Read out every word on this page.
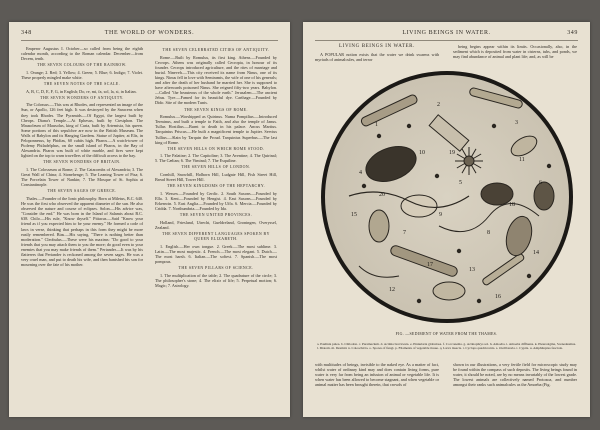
348	THE WORLD OF WONDERS.

Emperor Augustus I. October—so called from being the eighth calendar month, according to the Roman calendar. December—from Decem, tenth.

THE SEVEN COLOURS OF THE RAINBOW.

1. Orange; 2. Red; 3. Yellow; 4. Green; 5. Blue; 6. Indigo; 7. Violet. These properly mingled make white.

THE SEVEN NOTES OF THE SCALE.

A, B, C, D, E, F, G, in English; Do, re, mi, fa, sol, la, si, in Italian.

THE SEVEN WONDERS OF ANTIQUITY.

The Colossus.—This was at Rhodes, and represented an image of the Sun, or Apollo, 126 feet high. It was destroyed by the Saracens when they took Rhodes. The Pyramids.—Of Egypt, the largest built by Cheops. Diana's Temple.—At Ephesus, built by Ctesiphon. The Mausoleum of Mausolus, king of Caria, built by Artemisia, his queen. Some portions of this sepulchre are now in the British Museum. The Walls of Babylon and its Hanging Gardens. Statue of Jupiter, at Elis, in Peloponnesus, by Phidias, 60 cubits high. Pharos.—A watch-tower of Ptolemy Philadelphus, on the small island of Pharos, in the Bay of Alexandria. Pharos was built of white marble, and fires were kept lighted on the top to warn travellers of the difficult access to the bay.

THE SEVEN WONDERS OF BRITAIN.

1. The Colosseum at Rome; 2. The Catacombs of Alexandria; 3. The Great Wall of China; 4. Stonehenge; 5. The Leaning Tower of Pisa; 6. The Porcelain Tower of Nankin; 7. The Mosque of St. Sophia at Constantinople.

THE SEVEN SAGES OF GREECE.

Thales.—Founder of the Ionic philosophy. Born at Miletus, B.C. 640. He was the first who observed the apparent diameter of the sun. He also observed the nature and course of eclipses. Solon.—His advice was, "Consider the end." He was born in the Island of Salamis about B.C. 638. Chilo.—His rule, "Know thyself." Pittacus.—Said "Know your friend as if you expected him to be your enemy." He formed a code of laws in verse, thinking that perhaps in this form they might be more easily remembered. Bias.—His saying, "There is nothing better than moderation." Cleobulus.—These were his maxims: "Do good to your friends that you may attach them to you the more; do good even to your enemies that you may make friends of them." Periander.—It was by his flatterers that Periander is reckoned among the seven sages. He was a very cruel man, and put to death his wife, and then banished his son for mourning over the fate of his mother.

THE SEVEN CELEBRATED CITIES OF ANTIQUITY.

Rome.—Built by Romulus, its first king. Athens.—Founded by Cecrops. Athens was originally called Cecropia, in honour of its founder. Cecrops introduced agriculture, and the rites of marriage and burial. Nineveh.—This city received its name from Ninus, one of its kings. Ninus fell in love with Semiramis, the wife of one of his generals; and after the death of her husband he married her. She is supposed to have afterwards poisoned Ninus. She reigned fifty-two years. Babylon.—Called "the beauteous of the whole earth." Jerusalem.—The ancient Jebus. Tyre.—Famed for its beautiful dye. Carthage.—Founded by Dido. Site of the modern Tunis.

THE SEVEN KINGS OF ROME.

Romulus.—Worshipped as Quirinus. Numa Pompilius.—Introduced Terminus, and built a temple to Faith, and also the temple of Janus. Tullus Hostilius.—Burnt to death in his palace. Ancus Martius. Tarquinius Priscus.—He built a magnificent temple to Jupiter. Servius Tullius.—Slain by Tarquin the Proud. Tarquinius Superbus.—The last king of Rome.

THE SEVEN HILLS ON WHICH ROME STOOD.

1. The Palatine; 2. The Capitoline; 3. The Aventine; 4. The Quirinal; 5. The Cælian; 6. The Viminal; 7. The Esquiline.

THE SEVEN HILLS OF LONDON.

Cornhill, Snowhill, Holborn Hill, Ludgate Hill, Fish Street Hill, Bread Street Hill, Tower Hill.

THE SEVEN KINGDOMS OF THE HEPTARCHY.

1. Wessex.—Founded by Cerdic. 2. South Saxons.—Founded by Ella. 3. Kent.—Founded by Hengist. 4. East Saxons.—Founded by Erkenwin. 5. East Anglia.—Founded by Uffa. 6. Mercia.—Founded by Cridda. 7. Northumbria.—Founded by Ida.

THE SEVEN UNITED PROVINCES.

Holland, Friesland, Utrecht, Gueldreland, Groningen, Overyssel, Zealand.

THE SEVEN DIFFERENT LANGUAGES SPOKEN BY QUEEN ELIZABETH.

1. English.—Her own tongue. 2. Greek.—The most sublime. 3. Latin.—The most majestic. 4. French.—The most elegant. 5. Dutch.—The most harsh. 6. Italian.—The softest. 7. Spanish.—The most pompous.

THE SEVEN PILLARS OF SCIENCE.

1. The multiplication of the table; 2. The quadrature of the circle; 3. The philosopher's stone; 4. The elixir of life; 5. Perpetual motion; 6. Magic; 7. Astrology.

LIVING BEINGS IN WATER.	349
LIVING BEINGS IN WATER.

A POPULAR notion exists that the water we drink swarms with myriads of animalcules, and terror

being begins appear within its limits. Occasionally, also, in the sediment which is deposited from water in cisterns, tubs, and ponds, we may find abundance of animal and plant life; and, as will be

1
2
3
4
5	6
7	8
9
10
11
12
13
14
15
16
17
18
19
20
FIG. —SEDIMENT OF WATER FROM THE THAMES.
a. Paulinia palea. b. Chilodon. c. Paramecium. d. Actinia brevicesta. e. Pinnularia globulosa. f. Cocconema. g. Actinophrys sol. h. Amoeba. i. Amoeba diffluens. k. Pleurosigma, Scenedesmus. l. Diatom. m. Desmid. n. Coleochæta. o. Spores of fungi. p. Filaments of vegetable tissue. q. Larva insects. r. Cyclops quadricornis. s. Oscillatoria. t. Cypris. u. Amphileptus fasciola.

with multitudes of beings, invisible to the naked eye. As a matter of fact, whilst water of ordinary kind may and does contain living forms, pure water is very far from being an infusion of animal or vegetable life. It is when water has been allowed to become stagnant, and when vegetable or animal matter has been brought therein, that crowds of

shown in our illustrations, a very fertile field for microscopic study may be found within the compass of such deposits. The living beings found in water, it should be noted, are by no means invariably of the lowest grade. The lowest animals are collectively named Protozoa, and number amongst their ranks such animalcules as the Amoeba (Fig.
